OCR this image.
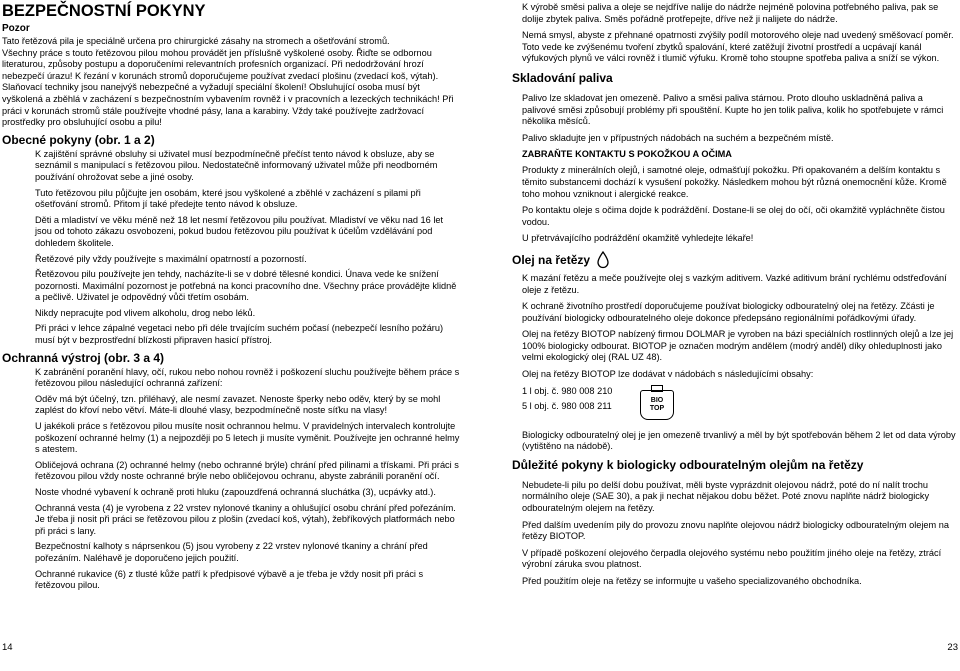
BEZPEČNOSTNÍ POKYNY
Pozor

Tato řetězová pila je speciálně určena pro chirurgické zásahy na stromech a ošetřování stromů.

Všechny práce s touto řetězovou pilou mohou provádět jen příslušně vyškolené osoby. Řiďte se odbornou literaturou, způsoby postupu a doporučeními relevantních profesních organizací. Při nedodržování hrozí nebezpečí úrazu! K řezání v korunách stromů doporučujeme používat zvedací plošinu (zvedací koš, výtah). Slaňovací techniky jsou nanejvýš nebezpečné a vyžadují speciální školení! Obsluhující osoba musí být vyškolená a zběhlá v zacházení s bezpečnostním vybavením rovněž i v pracovních a lezeckých technikách! Při práci v korunách stromů stále používejte vhodné pásy, lana a karabiny. Vždy také používejte zadržovací prostředky pro obsluhující osobu a pilu!

Obecné pokyny (obr. 1 a 2)
K zajištění správné obsluhy si uživatel musí bezpodmínečně přečíst tento návod k obsluze, aby se seznámil s manipulací s řetězovou pilou. Nedostatečně informovaný uživatel může při neodborném používání ohrožovat sebe a jiné osoby.
Tuto řetězovou pilu půjčujte jen osobám, které jsou vyškolené a zběhlé v zacházení s pilami při ošetřování stromů. Přitom jí také předejte tento návod k obsluze.
Děti a mladiství ve věku méně než 18 let nesmí řetězovou pilu používat. Mladiství ve věku nad 16 let jsou od tohoto zákazu osvobozeni, pokud budou řetězovou pilu používat k účelům vzdělávání pod dohledem školitele.
Řetězové pily vždy používejte s maximální opatrností a pozorností.
Řetězovou pilu používejte jen tehdy, nacházíte-li se v dobré tělesné kondici. Únava vede ke snížení pozornosti. Maximální pozornost je potřebná na konci pracovního dne. Všechny práce provádějte klidně a pečlivě. Uživatel je odpovědný vůči třetím osobám.
Nikdy nepracujte pod vlivem alkoholu, drog nebo léků.
Při práci v lehce zápalné vegetaci nebo při déle trvajícím suchém počasí (nebezpečí lesního požáru) musí být v bezprostřední blízkosti připraven hasicí přístroj.
Ochranná výstroj (obr. 3 a 4)
K zabránění poranění hlavy, očí, rukou nebo nohou rovněž i poškození sluchu používejte během práce s řetězovou pilou následující ochranná zařízení:
Oděv má být účelný, tzn. přiléhavý, ale nesmí zavazet. Nenoste šperky nebo oděv, který by se mohl zaplést do křoví nebo větví. Máte-li dlouhé vlasy, bezpodmínečně noste síťku na vlasy!
U jakékoli práce s řetězovou pilou musíte nosit ochrannou helmu. V pravidelných intervalech kontrolujte poškození ochranné helmy (1) a nejpozději po 5 letech ji musíte vyměnit. Používejte jen ochranné helmy s atestem.
Obličejová ochrana (2) ochranné helmy (nebo ochranné brýle) chrání před pilinami a třískami. Při práci s řetězovou pilou vždy noste ochranné brýle nebo obličejovou ochranu, abyste zabránili poranění očí.
Noste vhodné vybavení k ochraně proti hluku (zapouzdřená ochranná sluchátka (3), ucpávky atd.).
Ochranná vesta (4) je vyrobena z 22 vrstev nylonové tkaniny a ohlušující osobu chrání před pořezáním. Je třeba ji nosit při práci se řetězovou pilou z plošin (zvedací koš, výtah), žebříkových platformách nebo při práci s lany.
Bezpečnostní kalhoty s náprsenkou (5) jsou vyrobeny z 22 vrstev nylonové tkaniny a chrání před pořezáním. Naléhavě je doporučeno jejich použití.
Ochranné rukavice (6) z tlusté kůže patří k předpisové výbavě a je třeba je vždy nosit při práci s řetězovou pilou.

K výrobě směsi paliva a oleje se nejdříve nalije do nádrže nejméně polovina potřebného paliva, pak se dolije zbytek paliva. Směs pořádně protřepejte, dříve než ji nalijete do nádrže.

Nemá smysl, abyste z přehnané opatrnosti zvýšily podíl motorového oleje nad uvedený směšovací poměr. Toto vede ke zvýšenému tvoření zbytků spalování, které zatěžují životní prostředí a ucpávají kanál výfukových plynů ve válci rovněž i tlumič výfuku. Kromě toho stoupne spotřeba paliva a sníží se výkon.

Skladování paliva

Palivo lze skladovat jen omezeně. Palivo a směsi paliva stárnou. Proto dlouho uskladněná paliva a palivové směsi způsobují problémy při spouštění. Kupte ho jen tolik paliva, kolik ho spotřebujete v rámci několika měsíců.

Palivo skladujte jen v přípustných nádobách na suchém a bezpečném místě.

ZABRAŇTE KONTAKTU S POKOŽKOU A OČIMA

Produkty z minerálních olejů, i samotné oleje, odmašťují pokožku. Při opakovaném a delším kontaktu s těmito substancemi dochází k vysušení pokožky. Následkem mohou být různá onemocnění kůže. Kromě toho mohou vzniknout i alergické reakce.

Po kontaktu oleje s očima dojde k podráždění. Dostane-li se olej do očí, oči okamžitě vypláchněte čistou vodou.

U přetrvávajícího podráždění okamžitě vyhledejte lékaře!

Olej na řetězy

K mazání řetězu a meče používejte olej s vazkým aditivem. Vazké aditivum brání rychlému odstřeďování oleje z řetězu.

K ochraně životního prostředí doporučujeme používat biologicky odbouratelný olej na řetězy. Zčásti je používání biologicky odbouratelného oleje dokonce předepsáno regionálními pořádkovými úřady.

Olej na řetězy BIOTOP nabízený firmou DOLMAR je vyroben na bázi speciálních rostlinných olejů a lze jej 100% biologicky odbourat. BIOTOP je označen modrým andělem (modrý anděl) díky ohleduplnosti jako velmi ekologický olej (RAL UZ 48).

Olej na řetězy BIOTOP lze dodávat v nádobách s následujícími obsahy:

1 l obj. č. 980 008 210
5 l obj. č. 980 008 211
BIO
TOP

Biologicky odbouratelný olej je jen omezeně trvanlivý a měl by být spotřebován během 2 let od data výroby (vytištěno na nádobě).

Důležité pokyny k biologicky odbouratelným olejům na řetězy

Nebudete-li pilu po delší dobu používat, měli byste vyprázdnit olejovou nádrž, poté do ní nalít trochu normálního oleje (SAE 30), a pak ji nechat nějakou dobu běžet. Poté znovu naplňte nádrž biologicky odbouratelným olejem na řetězy.

Před dalším uvedením pily do provozu znovu naplňte olejovou nádrž biologicky odbouratelným olejem na řetězy BIOTOP.

V případě poškození olejového čerpadla olejového systému nebo použitím jiného oleje na řetězy, ztrácí výrobní záruka svou platnost.

Před použitím oleje na řetězy se informujte u vašeho specializovaného obchodníka.

14	23
